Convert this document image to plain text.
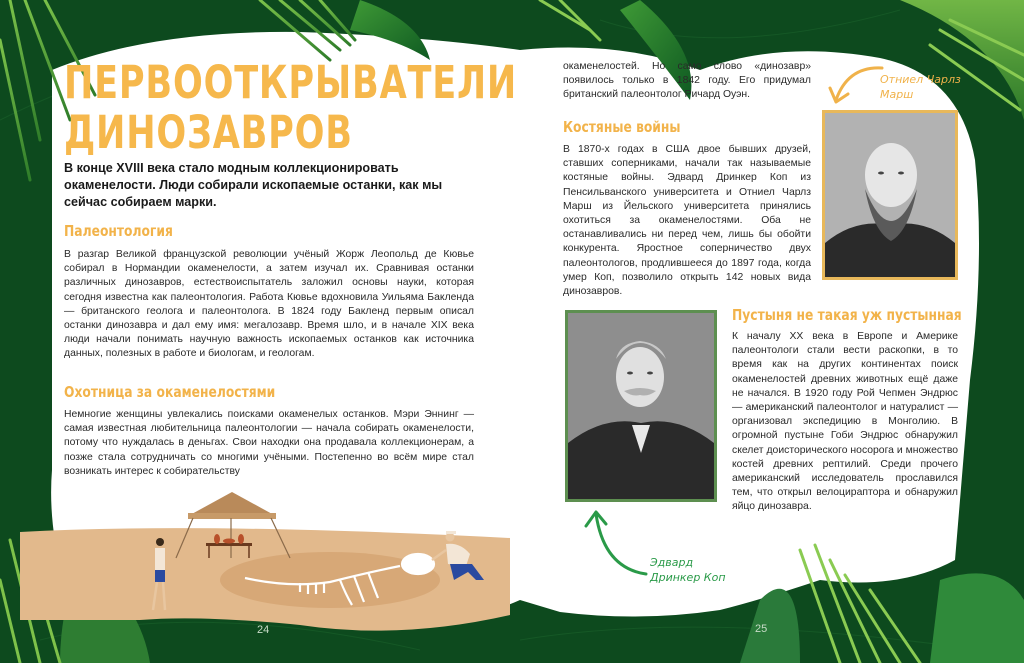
ПЕРВООТКРЫВАТЕЛИ
ДИНОЗАВРОВ

В конце XVIII века стало модным коллекционировать окаменелости. Люди собирали ископаемые останки, как мы сейчас собираем марки.

Палеонтология

В разгар Великой французской революции учёный Жорж Леопольд де Кювье собирал в Нормандии окаменелости, а затем изучал их. Сравнивая останки различных динозавров, естествоиспытатель заложил основы науки, которая сегодня известна как палеонтология. Работа Кювье вдохновила Уильяма Бакленда — британского геолога и палеонтолога. В 1824 году Бакленд первым описал останки динозавра и дал ему имя: мегалозавр. Время шло, и в начале XIX века люди начали понимать научную важность ископаемых останков как источника данных, полезных в работе и биологам, и геологам.

Охотница за окаменелостями

Немногие женщины увлекались поисками окаменелых останков. Мэри Эннинг — самая известная любительница палеонтологии — начала собирать окаменелости, потому что нуждалась в деньгах. Свои находки она продавала коллекционерам, а позже стала сотрудничать со многими учёными. Постепенно во всём мире стал возникать интерес к собирательству

24

окаменелостей. Но само слово «динозавр» появилось только в 1842 году. Его придумал британский палеонтолог Ричард Оуэн.

Костяные войны

В 1870-х годах в США двое бывших друзей, ставших соперниками, начали так называемые костяные войны. Эдвард Дринкер Коп из Пенсильванского университета и Отниел Чарлз Марш из Йельского университета принялись охотиться за окаменелостями. Оба не останавливались ни перед чем, лишь бы обойти конкурента. Яростное соперничество двух палеонтологов, продлившееся до 1897 года, когда умер Коп, позволило открыть 142 новых вида динозавров.

Пустыня не такая уж пустынная

К началу XX века в Европе и Америке палеонтологи стали вести раскопки, в то время как на других континентах поиск окаменелостей древних животных ещё даже не начался. В 1920 году Рой Чепмен Эндрюс — американский палеонтолог и натуралист — организовал экспедицию в Монголию. В огромной пустыне Гоби Эндрюс обнаружил скелет доисторического носорога и множество костей древних рептилий. Среди прочего американский исследователь прославился тем, что открыл велоцираптора и обнаружил яйцо динозавра.

Отниел Чарлз
Марш
Эдвард
Дринкер Коп
25
